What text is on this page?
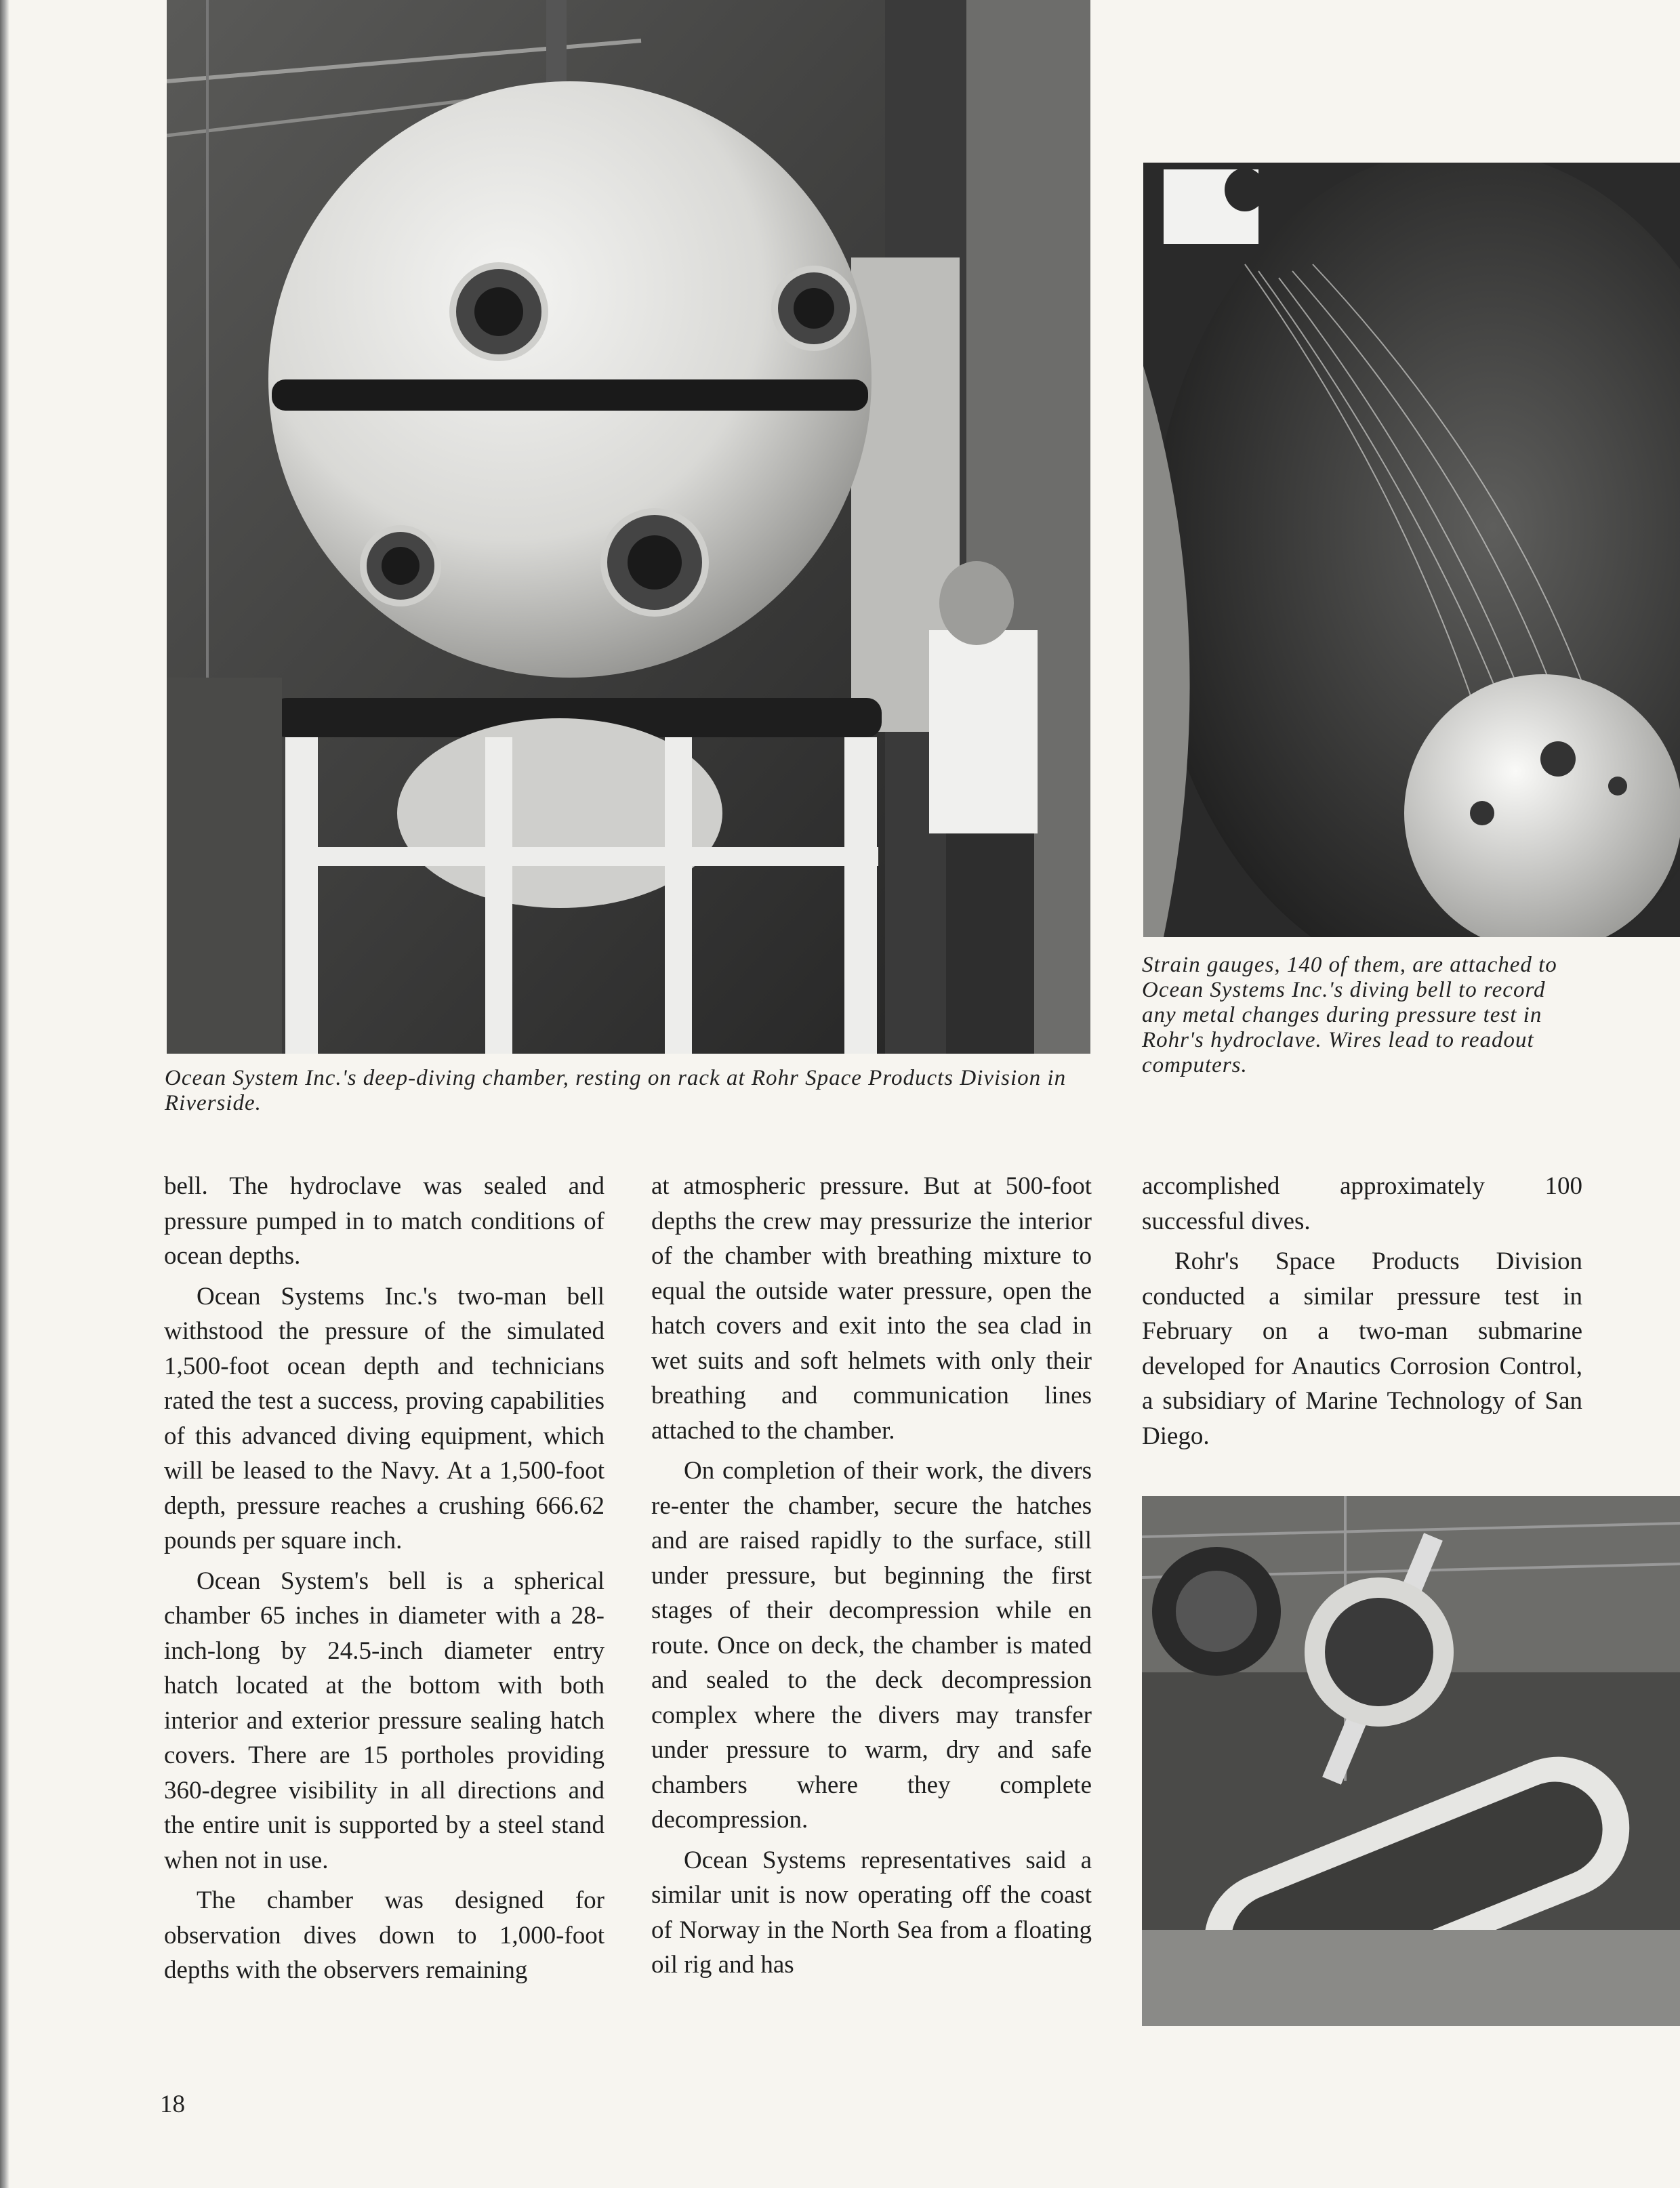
Ocean System Inc.'s deep-diving chamber, resting on rack at Rohr Space Products Division in Riverside.
Strain gauges, 140 of them, are attached to Ocean Systems Inc.'s diving bell to record any metal changes during pressure test in Rohr's hydroclave. Wires lead to readout computers.

bell. The hydroclave was sealed and pressure pumped in to match conditions of ocean depths.

Ocean Systems Inc.'s two-man bell withstood the pressure of the simulated 1,500-foot ocean depth and technicians rated the test a success, proving capabilities of this advanced diving equipment, which will be leased to the Navy. At a 1,500-foot depth, pressure reaches a crushing 666.62 pounds per square inch.

Ocean System's bell is a spherical chamber 65 inches in diameter with a 28-inch-long by 24.5-inch diameter entry hatch located at the bottom with both interior and exterior pressure sealing hatch covers. There are 15 portholes providing 360-degree visibility in all directions and the entire unit is supported by a steel stand when not in use.

The chamber was designed for observation dives down to 1,000-foot depths with the observers remaining

at atmospheric pressure. But at 500-foot depths the crew may pressurize the interior of the chamber with breathing mixture to equal the outside water pressure, open the hatch covers and exit into the sea clad in wet suits and soft helmets with only their breathing and communication lines attached to the chamber.

On completion of their work, the divers re-enter the chamber, secure the hatches and are raised rapidly to the surface, still under pressure, but beginning the first stages of their decompression while en route. Once on deck, the chamber is mated and sealed to the deck decompression complex where the divers may transfer under pressure to warm, dry and safe chambers where they complete decompression.

Ocean Systems representatives said a similar unit is now operating off the coast of Norway in the North Sea from a floating oil rig and has

accomplished approximately 100 successful dives.

Rohr's Space Products Division conducted a similar pressure test in February on a two-man submarine developed for Anautics Corrosion Control, a subsidiary of Marine Technology of San Diego.

18
